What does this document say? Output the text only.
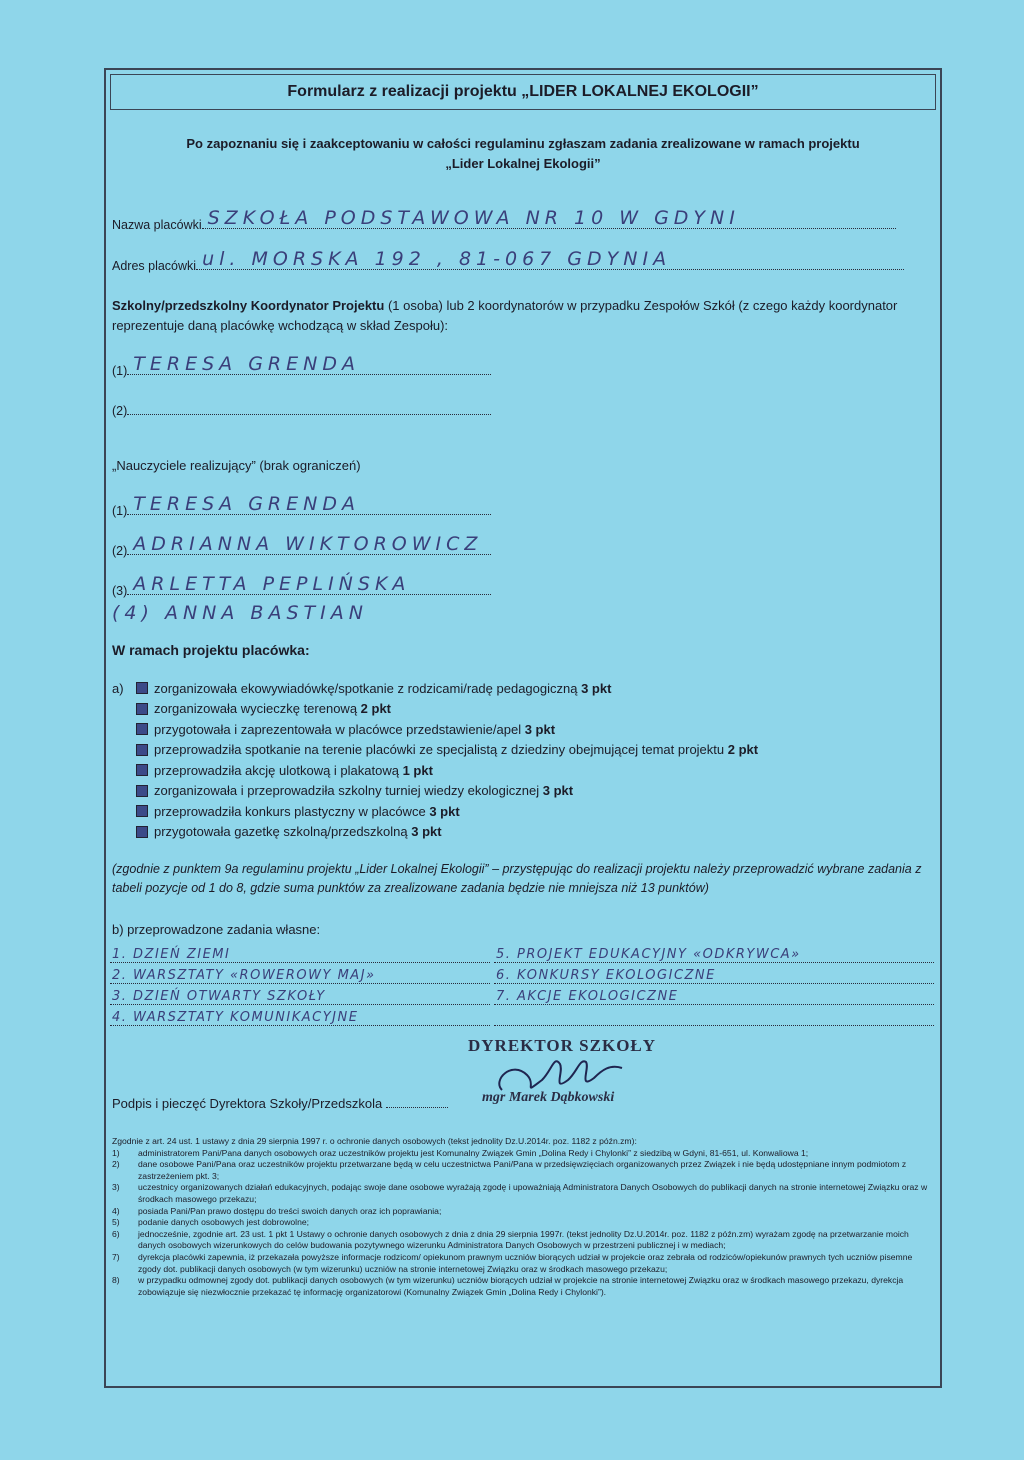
Formularz z realizacji projektu „LIDER LOKALNEJ EKOLOGII”
Po zapoznaniu się i zaakceptowaniu w całości regulaminu zgłaszam zadania zrealizowane w ramach projektu
„Lider Lokalnej Ekologii”
Nazwa placówki SZKOŁA PODSTAWOWA NR 10 W GDYNI
Adres placówki ul. MORSKA 192 , 81-067 GDYNIA
Szkolny/przedszkolny Koordynator Projektu (1 osoba) lub 2 koordynatorów w przypadku Zespołów Szkół (z czego każdy koordynator reprezentuje daną placówkę wchodzącą w skład Zespołu):
(1) TERESA GRENDA
(2)
„Nauczyciele realizujący” (brak ograniczeń)
(1) TERESA GRENDA
(2) ADRIANNA WIKTOROWICZ
(3) ARLETTA PEPLIŃSKA
(4) ANNA BASTIAN
W ramach projektu placówka:
a)	zorganizowała ekowywiadówkę/spotkanie z rodzicami/radę pedagogiczną
3 pkt
zorganizowała wycieczkę terenową
2 pkt
przygotowała i zaprezentowała w placówce przedstawienie/apel
3 pkt
przeprowadziła spotkanie na terenie placówki ze specjalistą z dziedziny obejmującej temat projektu
2 pkt
przeprowadziła akcję ulotkową i plakatową
1 pkt
zorganizowała i przeprowadziła szkolny turniej wiedzy ekologicznej
3 pkt
przeprowadziła konkurs plastyczny w placówce
3 pkt
przygotowała gazetkę szkolną/przedszkolną
3 pkt
(zgodnie z punktem 9a regulaminu projektu „Lider Lokalnej Ekologii” – przystępując do realizacji projektu należy przeprowadzić wybrane zadania z tabeli pozycje od 1 do 8, gdzie suma punktów za zrealizowane zadania będzie nie mniejsza niż 13 punktów)
b) przeprowadzone zadania własne:
1. DZIEŃ ZIEMI	5. PROJEKT EDUKACYJNY «ODKRYWCA»
2. WARSZTATY «ROWEROWY MAJ»	6. KONKURSY EKOLOGICZNE
3. DZIEŃ OTWARTY SZKOŁY	7. AKCJE EKOLOGICZNE
4. WARSZTATY KOMUNIKACYJNE
DYREKTOR SZKOŁY
Podpis i pieczęć Dyrektora Szkoły/Przedszkola	mgr Marek Dąbkowski
Zgodnie z art. 24 ust. 1 ustawy z dnia 29 sierpnia 1997 r. o ochronie danych osobowych (tekst jednolity Dz.U.2014r. poz. 1182 z późn.zm):
1)	administratorem Pani/Pana danych osobowych oraz uczestników projektu jest Komunalny Związek Gmin „Dolina Redy i Chylonki” z siedzibą w Gdyni, 81-651, ul. Konwaliowa 1;
2)	dane osobowe Pani/Pana oraz uczestników projektu przetwarzane będą w celu uczestnictwa Pani/Pana w przedsięwzięciach organizowanych przez Związek i nie będą udostępniane innym podmiotom z zastrzeżeniem pkt. 3;
3)	uczestnicy organizowanych działań edukacyjnych, podając swoje dane osobowe wyrażają zgodę i upoważniają Administratora Danych Osobowych do publikacji danych na stronie internetowej Związku oraz w środkach masowego przekazu;
4)	posiada Pani/Pan prawo dostępu do treści swoich danych oraz ich poprawiania;
5)	podanie danych osobowych jest dobrowolne;
6)	jednocześnie, zgodnie art. 23 ust. 1 pkt 1 Ustawy o ochronie danych osobowych z dnia z dnia 29 sierpnia 1997r. (tekst jednolity Dz.U.2014r. poz. 1182 z późn.zm) wyrażam zgodę na przetwarzanie moich danych osobowych wizerunkowych do celów budowania pozytywnego wizerunku Administratora Danych Osobowych w przestrzeni publicznej i w mediach;
7)	dyrekcja placówki zapewnia, iż przekazała powyższe informacje rodzicom/ opiekunom prawnym uczniów biorących udział w projekcie oraz zebrała od rodziców/opiekunów prawnych tych uczniów pisemne zgody dot. publikacji danych osobowych (w tym wizerunku) uczniów na stronie internetowej Związku oraz w środkach masowego przekazu;
8)	w przypadku odmownej zgody dot. publikacji danych osobowych (w tym wizerunku) uczniów biorących udział w projekcie na stronie internetowej Związku oraz w środkach masowego przekazu, dyrekcja zobowiązuje się niezwłocznie przekazać tę informację organizatorowi (Komunalny Związek Gmin „Dolina Redy i Chylonki”).
